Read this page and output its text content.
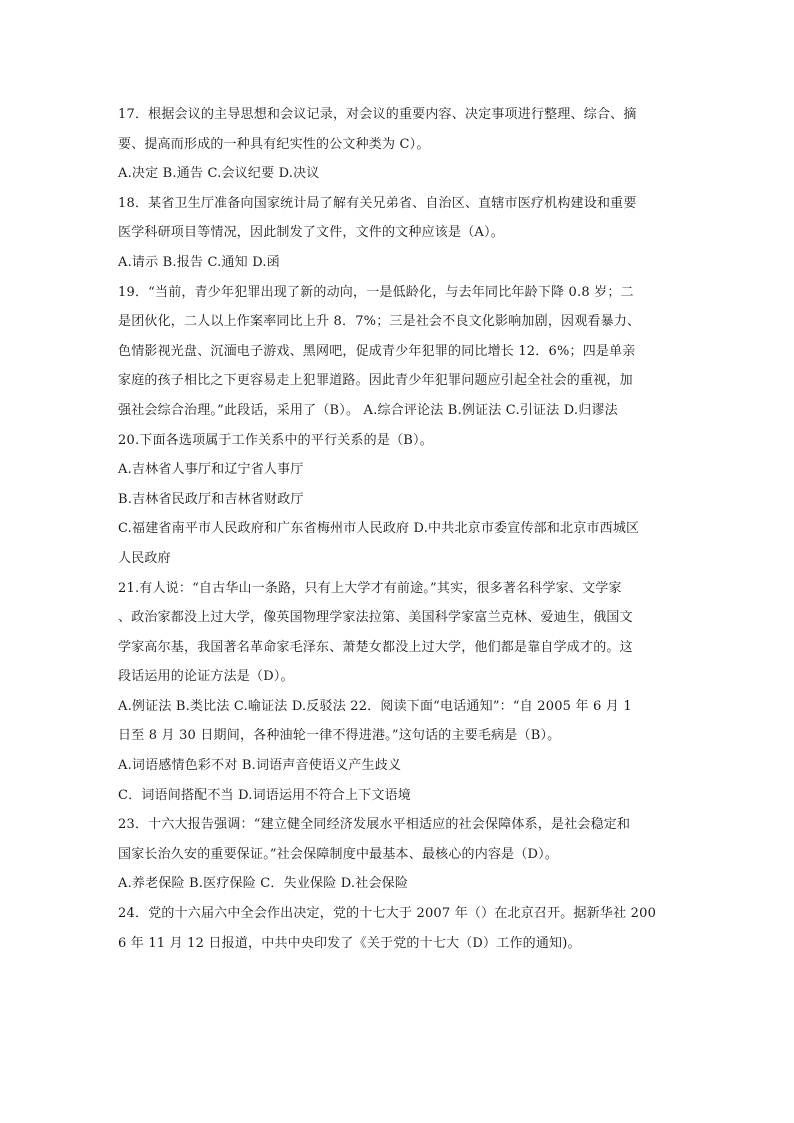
17．根据会议的主导思想和会议记录，对会议的重要内容、决定事项进行整理、综合、摘
要、提高而形成的一种具有纪实性的公文种类为 C）。
A.决定 B.通告 C.会议纪要 D.决议
18．某省卫生厅准备向国家统计局了解有关兄弟省、自治区、直辖市医疗机构建设和重要
医学科研项目等情况，因此制发了文件，文件的文种应该是（A）。
A.请示 B.报告 C.通知 D.函
19．“当前，青少年犯罪出现了新的动向，一是低龄化，与去年同比年龄下降 0.8 岁；二
是团伙化，二人以上作案率同比上升 8．7%；三是社会不良文化影响加剧，因观看暴力、
色情影视光盘、沉湎电子游戏、黑网吧，促成青少年犯罪的同比增长 12．6%；四是单亲
家庭的孩子相比之下更容易走上犯罪道路。因此青少年犯罪问题应引起全社会的重视，加
强社会综合治理。”此段话，采用了（B）。 A.综合评论法 B.例证法 C.引证法 D.归谬法
20.下面各选项属于工作关系中的平行关系的是（B）。
A.吉林省人事厅和辽宁省人事厅
B.吉林省民政厅和吉林省财政厅
C.福建省南平市人民政府和广东省梅州市人民政府 D.中共北京市委宣传部和北京市西城区
人民政府
21.有人说：“自古华山一条路，只有上大学才有前途。”其实，很多著名科学家、文学家
、政治家都没上过大学，像英国物理学家法拉第、美国科学家富兰克林、爱迪生，俄国文
学家高尔基，我国著名革命家毛泽东、萧楚女都没上过大学，他们都是靠自学成才的。这
段话运用的论证方法是（D）。
A.例证法 B.类比法 C.喻证法 D.反驳法 22．阅读下面“电话通知”：“自 2005 年 6 月 1
日至 8 月 30 日期间，各种油轮一律不得进港。”这句话的主要毛病是（B）。
A.词语感情色彩不对 B.词语声音使语义产生歧义
C．词语间搭配不当 D.词语运用不符合上下文语境
23．十六大报告强调：“建立健全同经济发展水平相适应的社会保障体系，是社会稳定和
国家长治久安的重要保证。”社会保障制度中最基本、最核心的内容是（D）。
A.养老保险 B.医疗保险 C．失业保险 D.社会保险
24．党的十六届六中全会作出决定，党的十七大于 2007 年（）在北京召开。据新华社 200
6 年 11 月 12 日报道，中共中央印发了《关于党的十七大（D）工作的通知)。
